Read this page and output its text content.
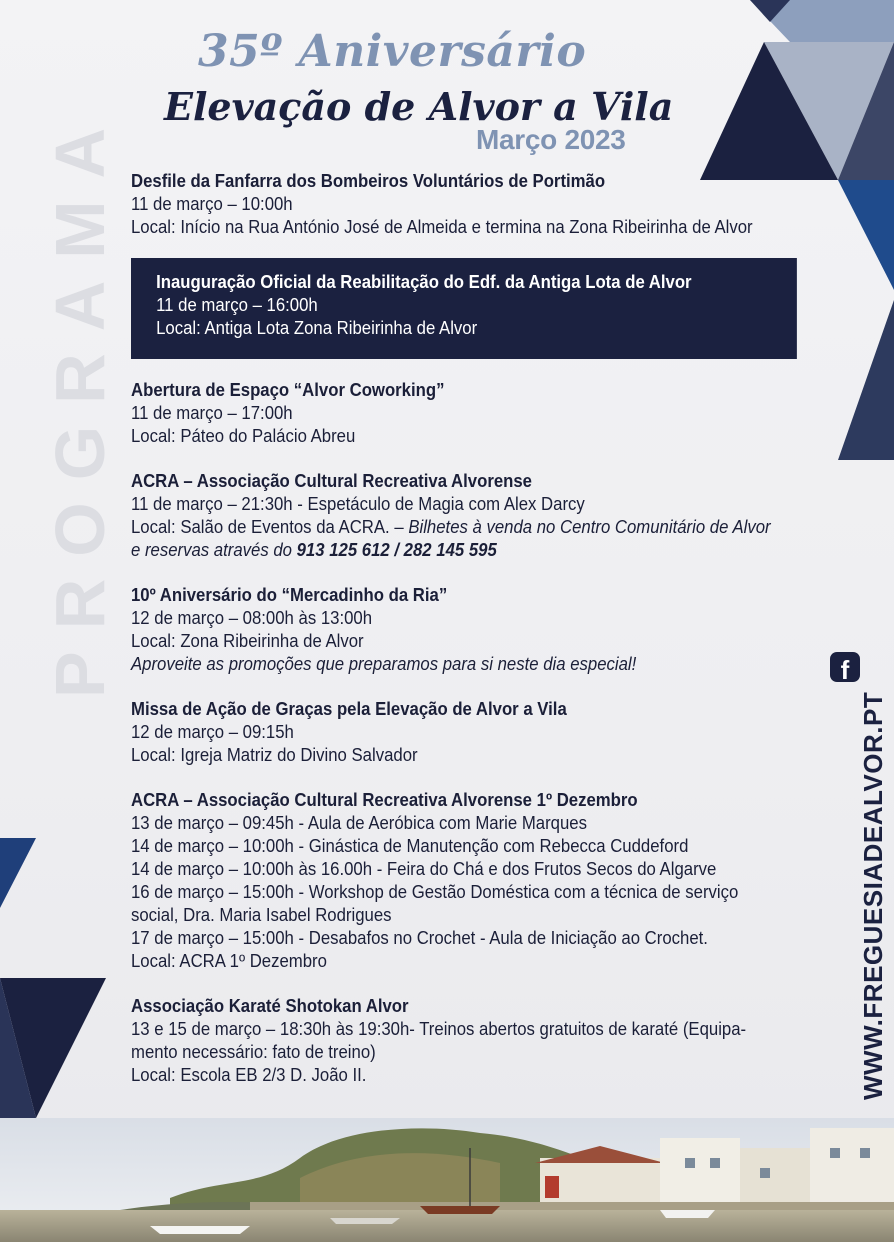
35º Aniversário
Elevação de Alvor a Vila
Março 2023
PROGRAMA	f
WWW.FREGUESIADEALVOR.PT
Desfile da Fanfarra dos Bombeiros Voluntários de Portimão
11 de março – 10:00h
Local: Início na Rua António José de Almeida e termina na Zona Ribeirinha de Alvor
Inauguração Oficial da Reabilitação do Edf. da Antiga Lota de Alvor
11 de março – 16:00h
Local: Antiga Lota Zona Ribeirinha de Alvor
Abertura de Espaço “Alvor Coworking”
11 de março – 17:00h
Local: Páteo do Palácio Abreu
ACRA – Associação Cultural Recreativa Alvorense
11 de março – 21:30h - Espetáculo de Magia com Alex Darcy
Local: Salão de Eventos da ACRA. – Bilhetes à venda no Centro Comunitário de Alvor
e reservas através do 913 125 612 / 282 145 595
10º Aniversário do “Mercadinho da Ria”
12 de março – 08:00h às 13:00h
Local: Zona Ribeirinha de Alvor
Aproveite as promoções que preparamos para si neste dia especial!
Missa de Ação de Graças pela Elevação de Alvor a Vila
12 de março – 09:15h
Local: Igreja Matriz do Divino Salvador
ACRA – Associação Cultural Recreativa Alvorense 1º Dezembro
13 de março – 09:45h - Aula de Aeróbica com Marie Marques
14 de março – 10:00h - Ginástica de Manutenção com Rebecca Cuddeford
14 de março – 10:00h às 16.00h - Feira do Chá e dos Frutos Secos do Algarve
16 de março – 15:00h - Workshop de Gestão Doméstica com a técnica de serviço
social, Dra. Maria Isabel Rodrigues
17 de março – 15:00h - Desabafos no Crochet - Aula de Iniciação ao Crochet.
Local: ACRA 1º Dezembro
Associação Karaté Shotokan Alvor
13 e 15 de março – 18:30h às 19:30h- Treinos abertos gratuitos de karaté (Equipa-
mento necessário: fato de treino)
Local: Escola EB 2/3 D. João II.
